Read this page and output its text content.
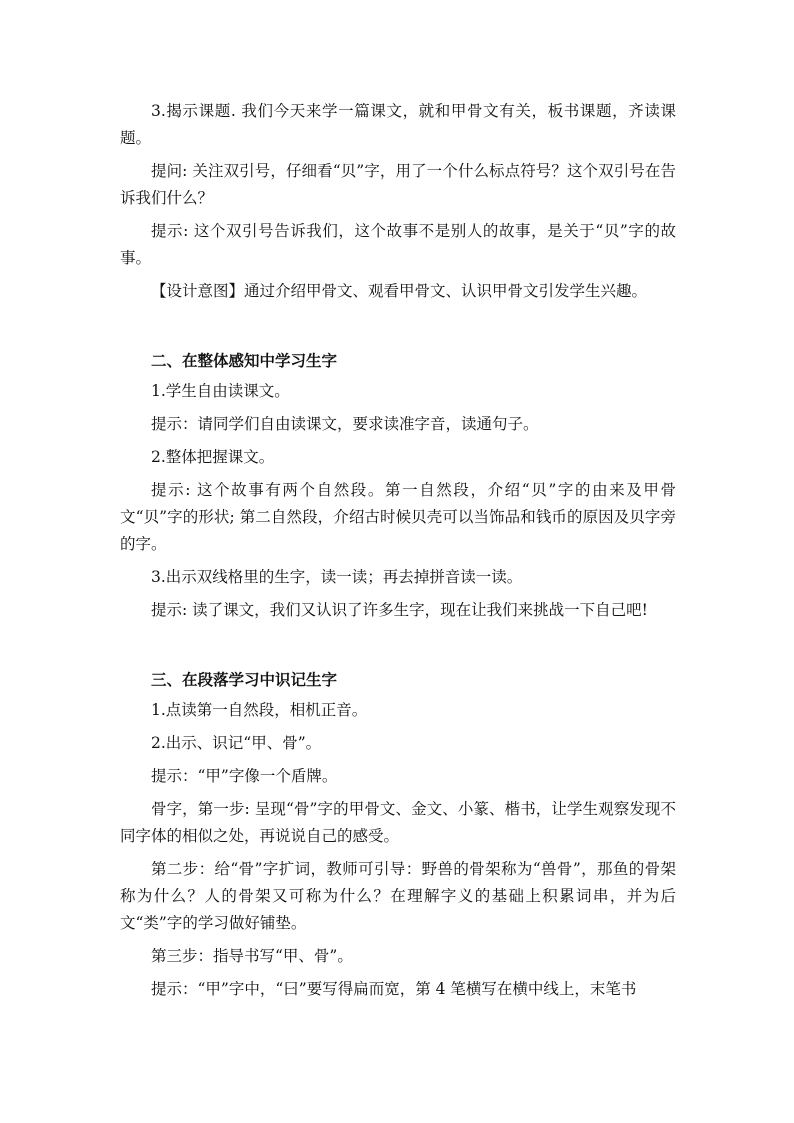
3.揭示课题. 我们今天来学一篇课文，就和甲骨文有关，板书课题，齐读课题。

提问: 关注双引号，仔细看“贝”字，用了一个什么标点符号？这个双引号在告诉我们什么？

提示: 这个双引号告诉我们，这个故事不是别人的故事，是关于“贝”字的故事。

【设计意图】通过介绍甲骨文、观看甲骨文、认识甲骨文引发学生兴趣。

二、在整体感知中学习生字

1.学生自由读课文。

提示：请同学们自由读课文，要求读准字音，读通句子。

2.整体把握课文。

提示: 这个故事有两个自然段。第一自然段，介绍“贝”字的由来及甲骨文“贝”字的形状; 第二自然段，介绍古时候贝壳可以当饰品和钱币的原因及贝字旁的字。

3.出示双线格里的生字，读一读；再去掉拼音读一读。

提示: 读了课文，我们又认识了许多生字，现在让我们来挑战一下自己吧!

三、在段落学习中识记生字

1.点读第一自然段，相机正音。

2.出示、识记“甲、骨”。

提示：“甲”字像一个盾牌。

骨字，第一步: 呈现“骨”字的甲骨文、金文、小篆、楷书，让学生观察发现不同字体的相似之处，再说说自己的感受。

第二步：给“骨”字扩词，教师可引导：野兽的骨架称为“兽骨”，那鱼的骨架称为什么？人的骨架又可称为什么？在理解字义的基础上积累词串，并为后文“类”字的学习做好铺垫。

第三步：指导书写“甲、骨”。

提示：“甲”字中，“曰”要写得扁而宽，第 4 笔横写在横中线上，末笔书
